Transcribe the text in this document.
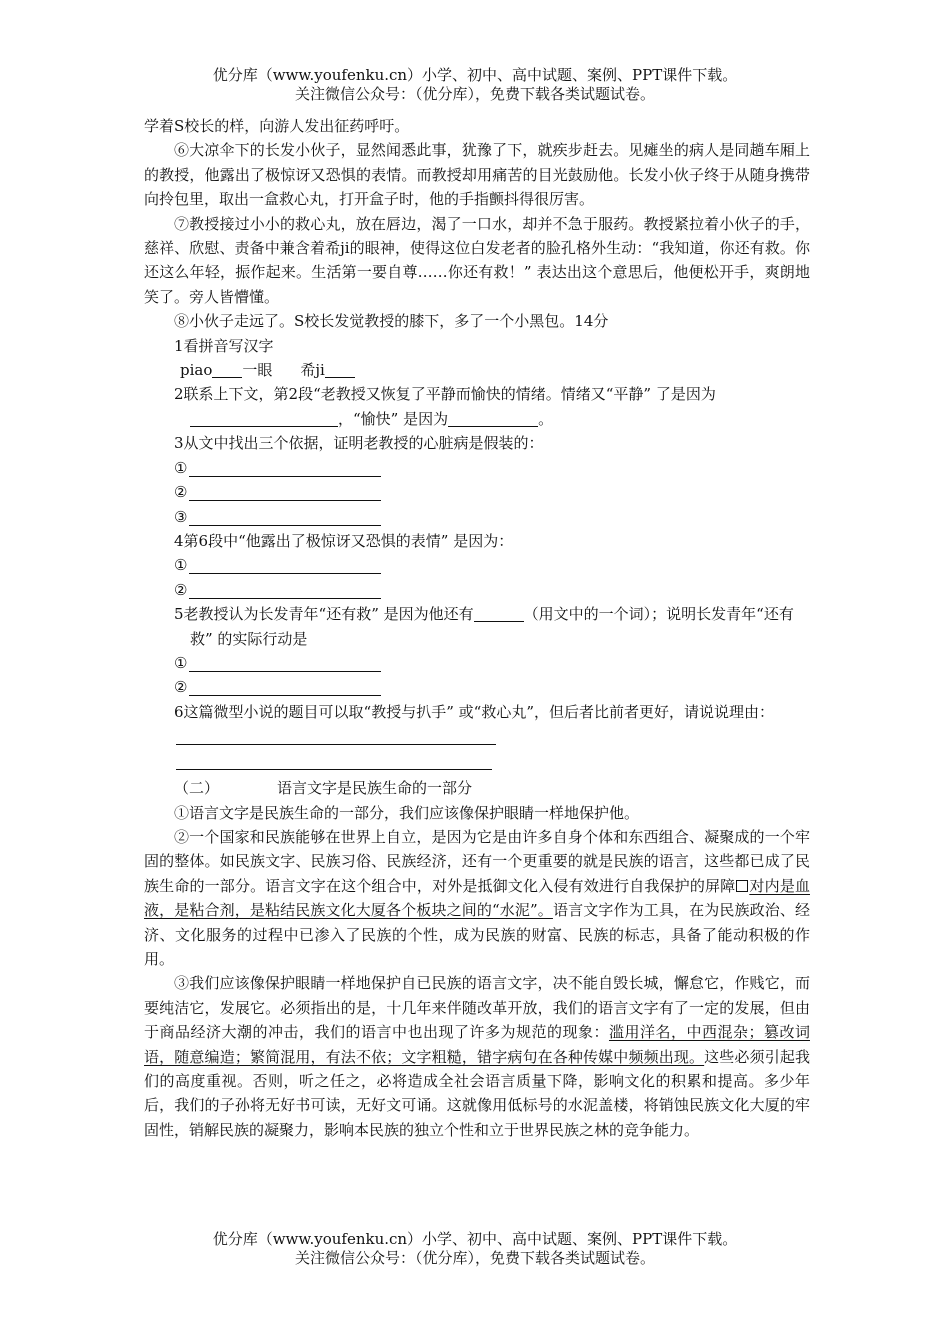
优分库（www.youfenku.cn）小学、初中、高中试题、案例、PPT课件下载。
关注微信公众号：（优分库），免费下载各类试题试卷。

学着S校长的样，向游人发出征药呼吁。

⑥大凉伞下的长发小伙子，显然闻悉此事，犹豫了下，就疾步赶去。见瘫坐的病人是同趟车厢上的教授，他露出了极惊讶又恐惧的表情。而教授却用痛苦的目光鼓励他。长发小伙子终于从随身携带向拎包里，取出一盒救心丸，打开盒子时，他的手指颤抖得很厉害。

⑦教授接过小小的救心丸，放在唇边，渴了一口水，却并不急于服药。教授紧拉着小伙子的手，慈祥、欣慰、责备中兼含着希ji的眼神，使得这位白发老者的脸孔格外生动：“我知道，你还有救。你还这么年轻，振作起来。生活第一要自尊……你还有救！” 表达出这个意思后，他便松开手，爽朗地笑了。旁人皆懵懂。

⑧小伙子走远了。S校长发觉教授的膝下，多了一个小黑包。14分

1看拼音写汉字

piao 一眼 希ji

2联系上下文，第2段“老教授又恢复了平静而愉快的情绪。情绪又“平静” 了是因为，“愉快” 是因为	。

3从文中找出三个依据，证明老教授的心脏病是假装的：

①

②

③

4第6段中“他露出了极惊讶又恐惧的表情” 是因为：

①

②

5老教授认为长发青年“还有救” 是因为他还有	（用文中的一个词）；说明长发青年“还有救” 的实际行动是

①

②

6这篇微型小说的题目可以取“教授与扒手” 或“救心丸”，但后者比前者更好，请说说理由：

（二）	语言文字是民族生命的一部分

①语言文字是民族生命的一部分，我们应该像保护眼睛一样地保护他。

②一个国家和民族能够在世界上自立，是因为它是由许多自身个体和东西组合、凝聚成的一个牢固的整体。如民族文字、民族习俗、民族经济，还有一个更重要的就是民族的语言，这些都已成了民族生命的一部分。语言文字在这个组合中，对外是抵御文化入侵有效进行自我保护的屏障 对内是血液，是粘合剂，是粘结民族文化大厦各个板块之间的“水泥”。语言文字作为工具，在为民族政治、经济、文化服务的过程中已渗入了民族的个性，成为民族的财富、民族的标志，具备了能动积极的作用。

③我们应该像保护眼睛一样地保护自已民族的语言文字，决不能自毁长城，懈怠它，作贱它，而要纯洁它，发展它。必须指出的是，十几年来伴随改革开放，我们的语言文字有了一定的发展，但由于商品经济大潮的冲击，我们的语言中也出现了许多为规范的现象：滥用洋名，中西混杂；篡改词语，随意编造；繁简混用，有法不依；文字粗糙，错字病句在各种传媒中频频出现。这些必须引起我们的高度重视。否则，听之任之，必将造成全社会语言质量下降，影响文化的积累和提高。多少年后，我们的子孙将无好书可读，无好文可诵。这就像用低标号的水泥盖楼，将销蚀民族文化大厦的牢固性，销解民族的凝聚力，影响本民族的独立个性和立于世界民族之林的竞争能力。

优分库（www.youfenku.cn）小学、初中、高中试题、案例、PPT课件下载。
关注微信公众号：（优分库），免费下载各类试题试卷。
